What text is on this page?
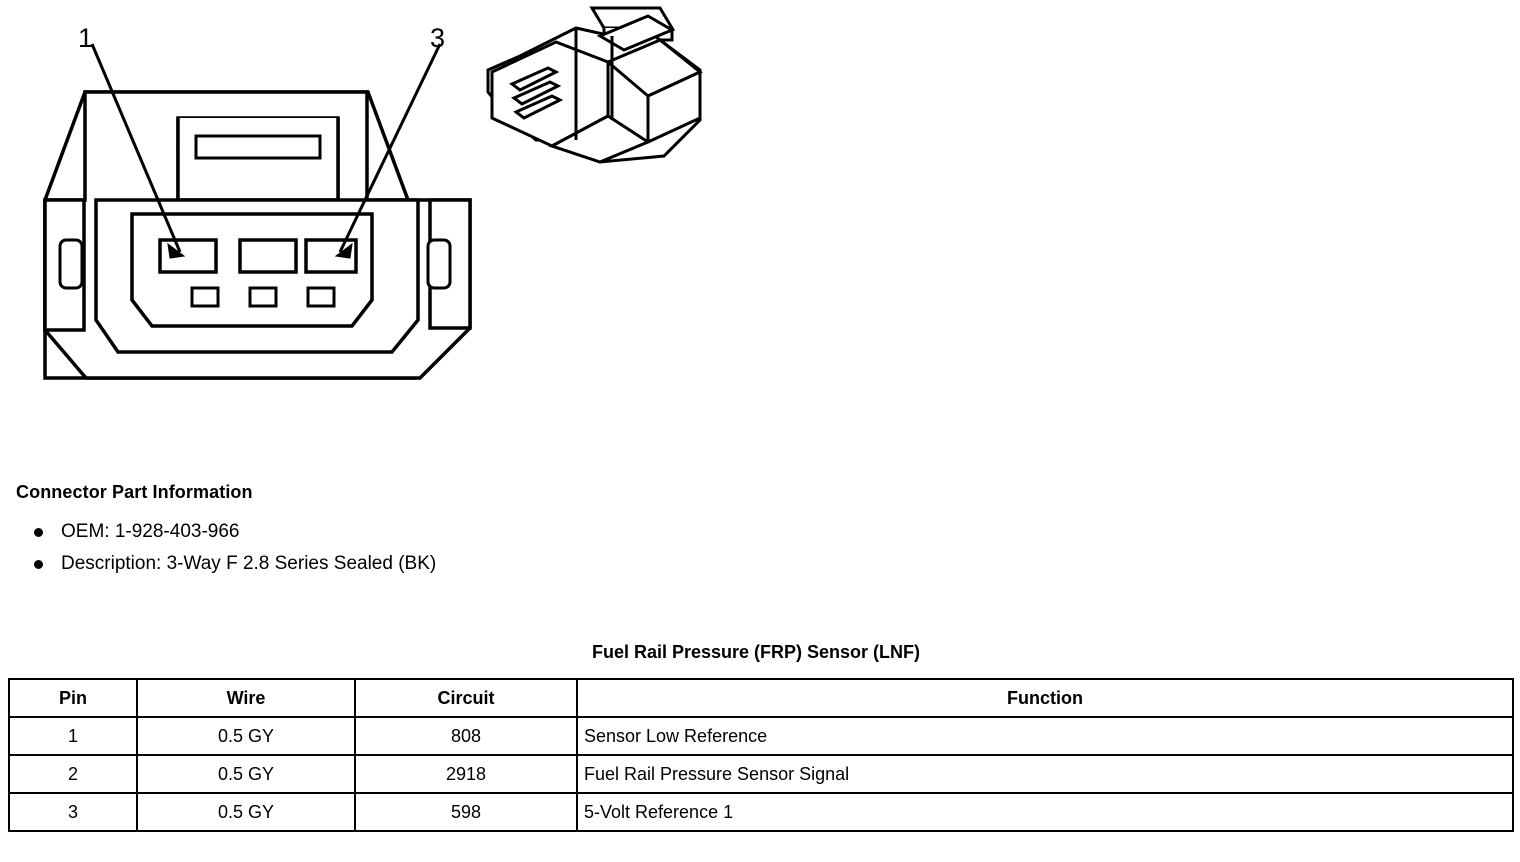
1	3
Connector Part Information
OEM: 1-928-403-966
Description: 3-Way F 2.8 Series Sealed (BK)
Fuel Rail Pressure (FRP) Sensor (LNF)
Pin	Wire	Circuit	Function
1	0.5 GY	808	Sensor Low Reference
2	0.5 GY	2918	Fuel Rail Pressure Sensor Signal
3	0.5 GY	598	5-Volt Reference 1
